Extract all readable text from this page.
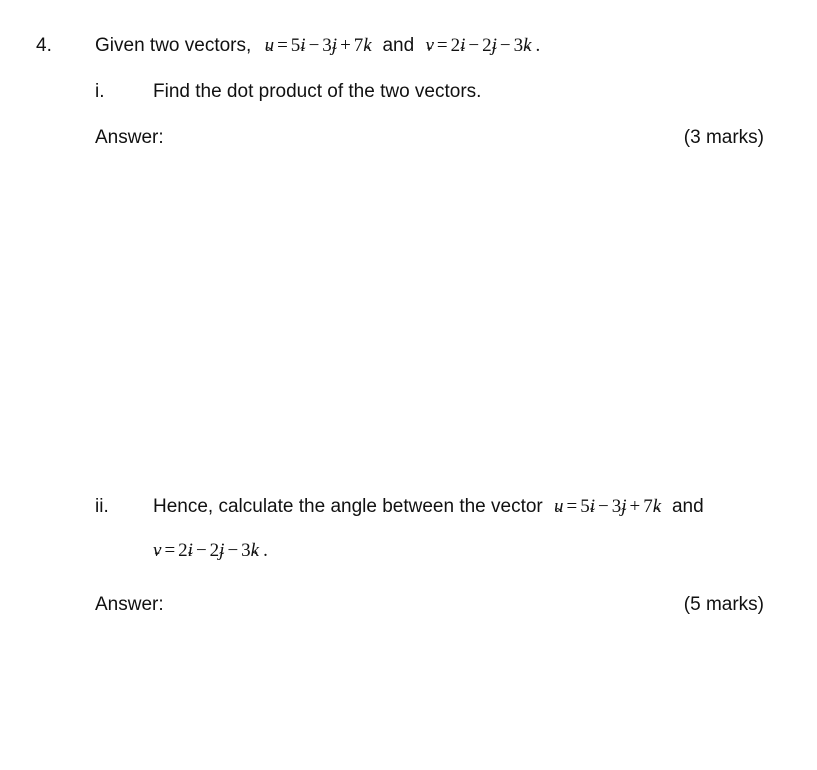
4. Given two vectors, u ˜ = 5i ˜ − 3j ˜ + 7k ˜ and v ˜ = 2i ˜ − 2j ˜ − 3k ˜ .
i.	Find the dot product of the two vectors.
Answer:	(3 marks)
ii. Hence, calculate the angle between the vector u ˜ = 5i ˜ − 3j ˜ + 7k ˜ and
v ˜ = 2i ˜ − 2j ˜ − 3k ˜ .
Answer:	(5 marks)
